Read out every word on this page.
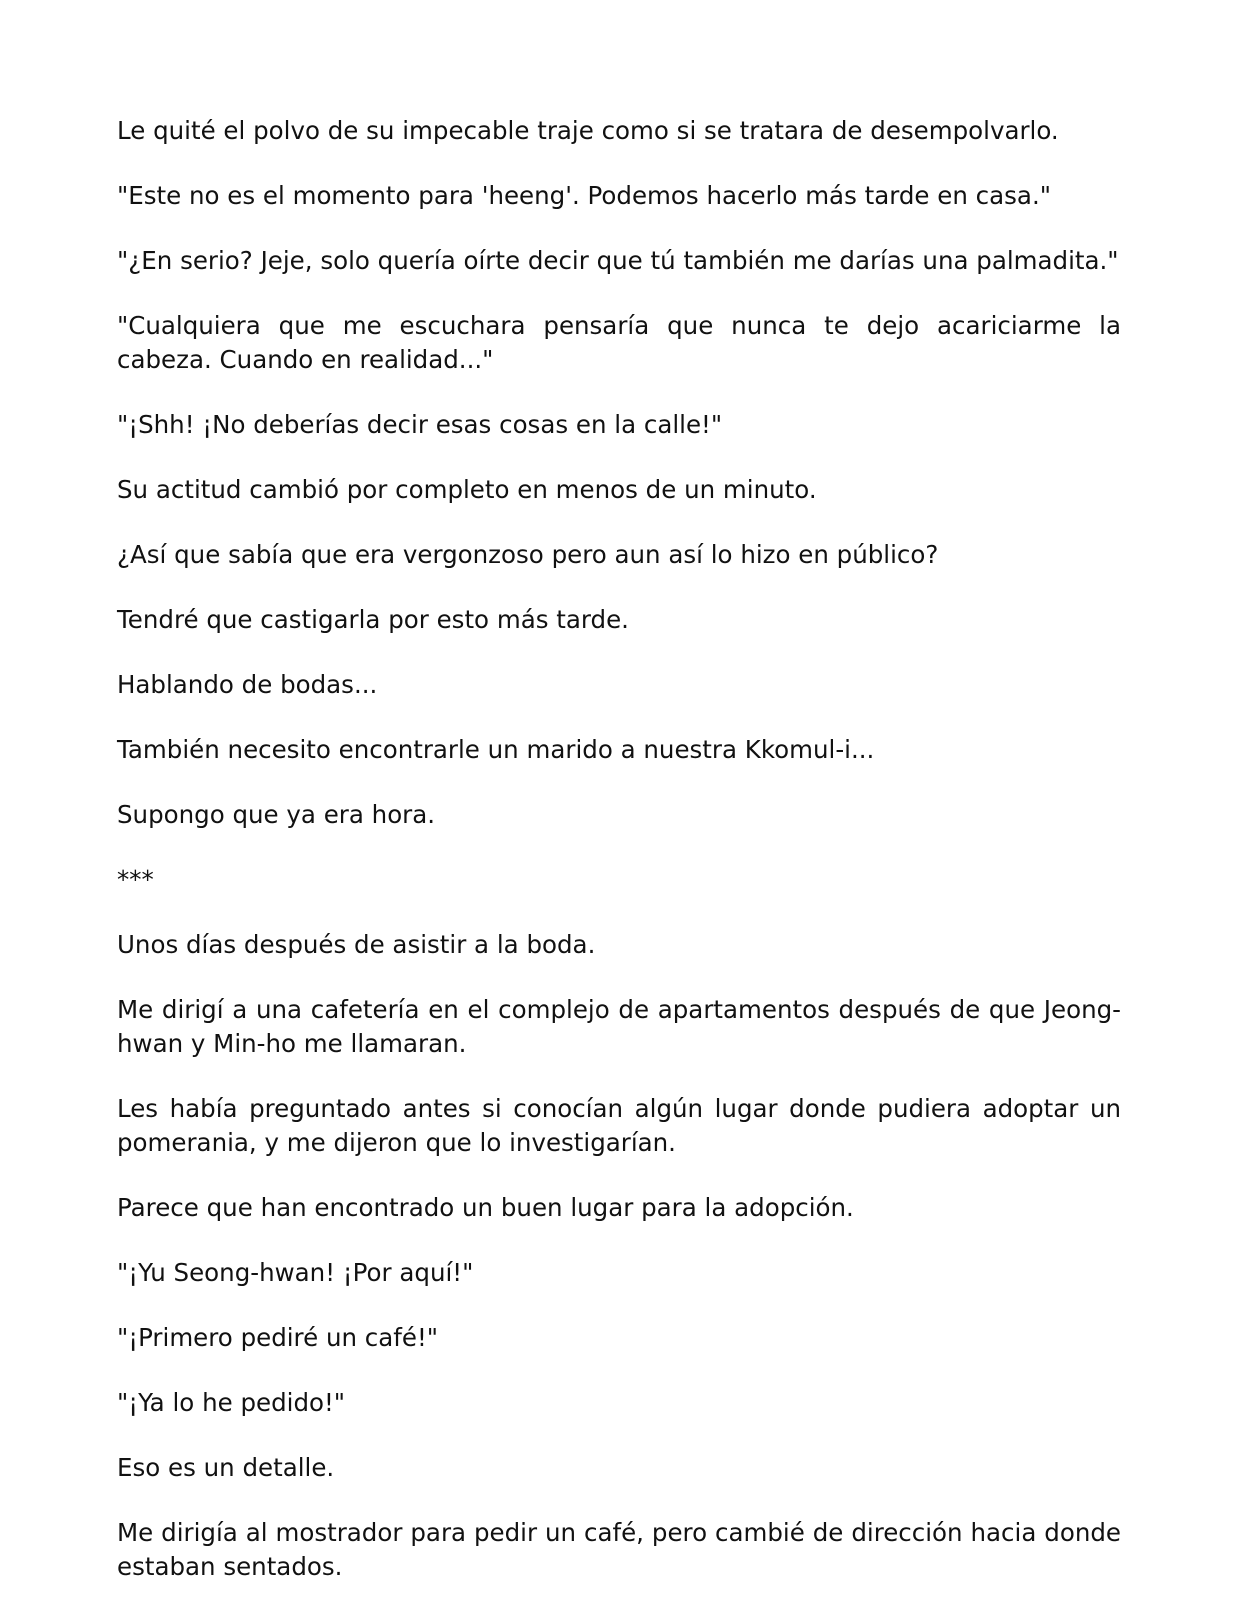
Le quité el polvo de su impecable traje como si se tratara de desempolvarlo.

"Este no es el momento para 'heeng'. Podemos hacerlo más tarde en casa."

"¿En serio? Jeje, solo quería oírte decir que tú también me darías una palmadita."

"Cualquiera que me escuchara pensaría que nunca te dejo acariciarme la cabeza. Cuando en realidad..."

"¡Shh! ¡No deberías decir esas cosas en la calle!"

Su actitud cambió por completo en menos de un minuto.

¿Así que sabía que era vergonzoso pero aun así lo hizo en público?

Tendré que castigarla por esto más tarde.

Hablando de bodas...

También necesito encontrarle un marido a nuestra Kkomul-i...

Supongo que ya era hora.

***

Unos días después de asistir a la boda.

Me dirigí a una cafetería en el complejo de apartamentos después de que Jeong-hwan y Min-ho me llamaran.

Les había preguntado antes si conocían algún lugar donde pudiera adoptar un pomerania, y me dijeron que lo investigarían.

Parece que han encontrado un buen lugar para la adopción.

"¡Yu Seong-hwan! ¡Por aquí!"

"¡Primero pediré un café!"

"¡Ya lo he pedido!"

Eso es un detalle.

Me dirigía al mostrador para pedir un café, pero cambié de dirección hacia donde estaban sentados.
